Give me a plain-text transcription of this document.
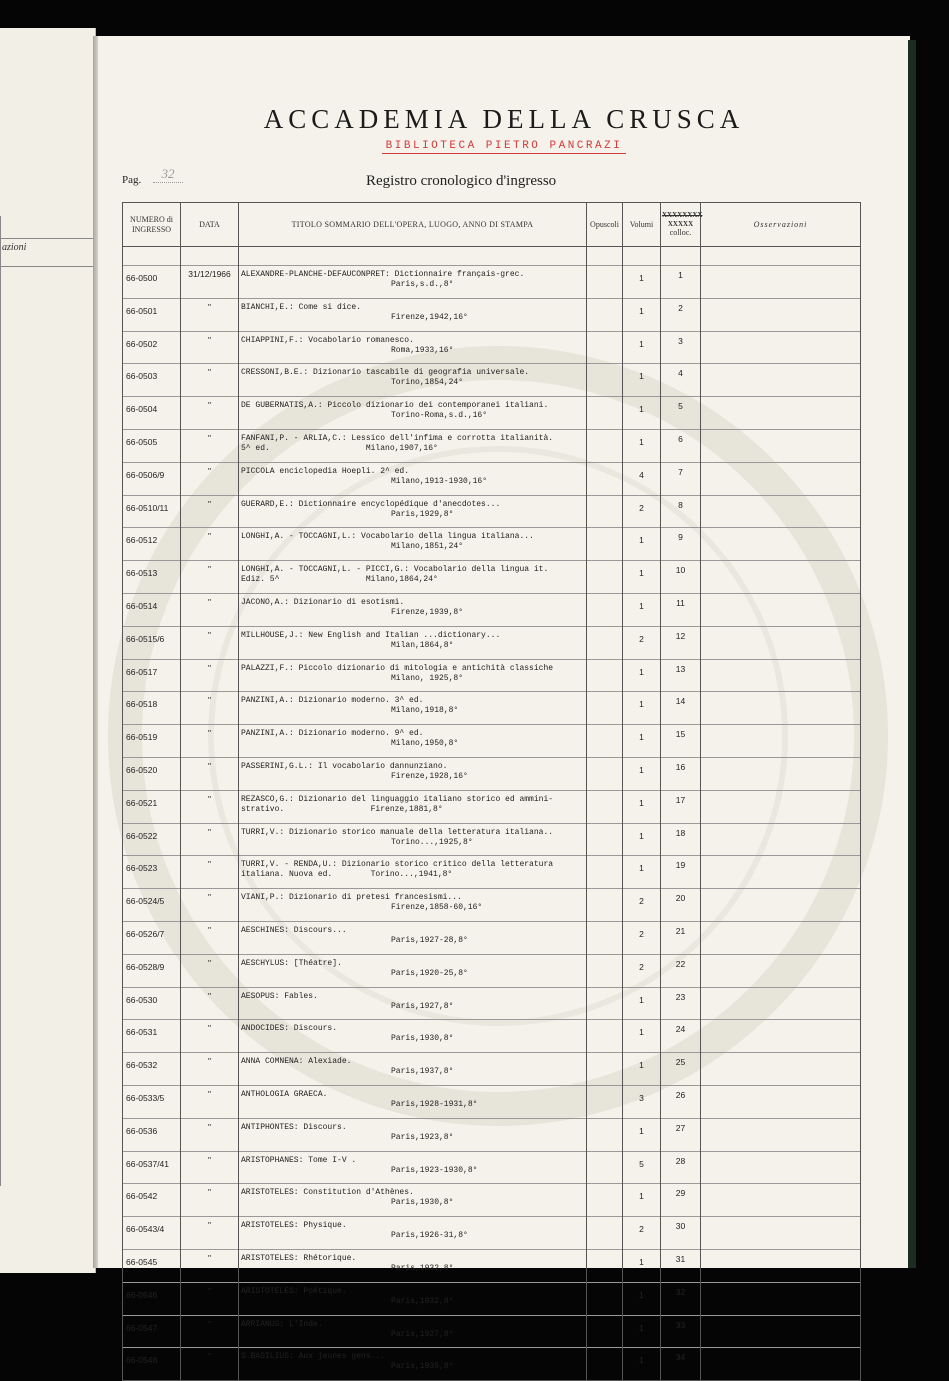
azioni
ACCADEMIA DELLA CRUSCA
BIBLIOTECA PIETRO PANCRAZI
Pag.	32	Registro cronologico d'ingresso
NUMERO di INGRESSO	DATA	TITOLO SOMMARIO DELL'OPERA, LUOGO, ANNO DI STAMPA	Opuscoli	Volumi	XXXXXXXX
XXXXX
colloc.	Osservazioni

66-0500	31/12/1966	ALEXANDRE-PLANCHE-DEFAUCONPRET: Dictionnaire français-grec.
Paris,s.d.,8°		1	1	
66-0501	"	BIANCHI,E.: Come si dice.
Firenze,1942,16°		1	2	
66-0502	"	CHIAPPINI,F.: Vocabolario romanesco.
Roma,1933,16°		1	3	
66-0503	"	CRESSONI,B.E.: Dizionario tascabile di geografia universale.
Torino,1854,24°		1	4	
66-0504	"	DE GUBERNATIS,A.: Piccolo dizionario dei contemporanei italiani.
Torino-Roma,s.d.,16°		1	5	
66-0505	"	FANFANI,P. - ARLIA,C.: Lessico dell'infima e corrotta italianità.
5^ ed.                    Milano,1907,16°		1	6	
66-0506/9	"	PICCOLA enciclopedia Hoepli. 2^ ed.
Milano,1913-1930,16°		4	7	
66-0510/11	"	GUERARD,E.: Dictionnaire encyclopédique d'anecdotes...
Paris,1929,8°		2	8	
66-0512	"	LONGHI,A. - TOCCAGNI,L.: Vocabolario della lingua italiana...
Milano,1851,24°		1	9	
66-0513	"	LONGHI,A. - TOCCAGNI,L. - PICCI,G.: Vocabolario della lingua it.
Ediz. 5^                  Milano,1864,24°		1	10	
66-0514	"	JACONO,A.: Dizionario di esotismi.
Firenze,1939,8°		1	11	
66-0515/6	"	MILLHOUSE,J.: New English and Italian ...dictionary...
Milan,1864,8°		2	12	
66-0517	"	PALAZZI,F.: Piccolo dizionario di mitologia e antichità classiche
Milano, 1925,8°		1	13	
66-0518	"	PANZINI,A.: Dizionario moderno. 3^ ed.
Milano,1918,8°		1	14	
66-0519	"	PANZINI,A.: Dizionario moderno. 9^ ed.
Milano,1950,8°		1	15	
66-0520	"	PASSERINI,G.L.: Il vocabolario dannunziano.
Firenze,1928,16°		1	16	
66-0521	"	REZASCO,G.: Dizionario del linguaggio italiano storico ed ammini-
strativo.                  Firenze,1881,8°		1	17	
66-0522	"	TURRI,V.: Dizionario storico manuale della letteratura italiana..
Torino...,1925,8°		1	18	
66-0523	"	TURRI,V. - RENDA,U.: Dizionario storico critico della letteratura
italiana. Nuova ed.        Torino...,1941,8°		1	19	
66-0524/5	"	VIANI,P.: Dizionario di pretesi francesismi...
Firenze,1858-60,16°		2	20	
66-0526/7	"	AESCHINES: Discours...
Paris,1927-28,8°		2	21	
66-0528/9	"	AESCHYLUS: [Théatre].
Paris,1920-25,8°		2	22	
66-0530	"	AESOPUS: Fables.
Paris,1927,8°		1	23	
66-0531	"	ANDOCIDES: Discours.
Paris,1930,8°		1	24	
66-0532	"	ANNA COMNENA: Alexiade.
Paris,1937,8°		1	25	
66-0533/5	"	ANTHOLOGIA GRAECA.
Paris,1928-1931,8°		3	26	
66-0536	"	ANTIPHONTES: Discours.
Paris,1923,8°		1	27	
66-0537/41	"	ARISTOPHANES: Tome I-V .
Paris,1923-1930,8°		5	28	
66-0542	"	ARISTOTELES: Constitution d'Athènes.
Paris,1930,8°		1	29	
66-0543/4	"	ARISTOTELES: Physique.
Paris,1926-31,8°		2	30	
66-0545	"	ARISTOTELES: Rhétorique.
Paris,1932,8°		1	31	
66-0546	"	ARISTOTELES: Poétique.
Paris,1932,8°		1	32	
66-0547	"	ARRIANUS: L'Inde.
Paris,1927,8°		1	33	
66-0548	"	S.BASILIUS: Aux jeunes gens...
Paris,1935,8°		1	34	
